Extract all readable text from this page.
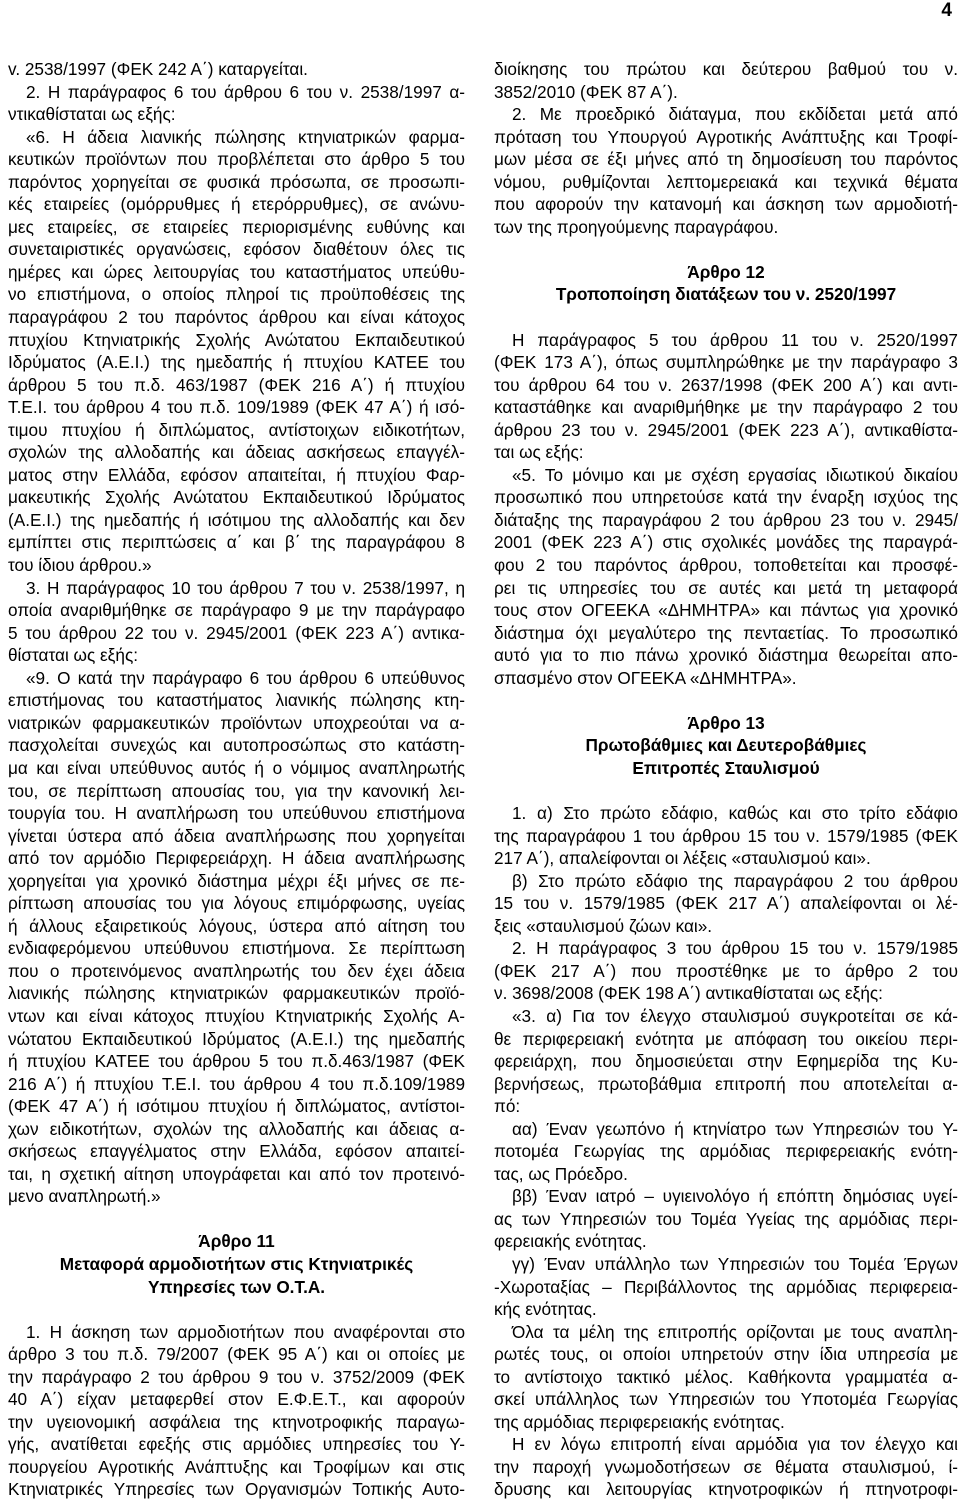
4
v. 2538/1997 (ΦΕΚ 242 Α΄) καταργείται.
2. Η παράγραφος 6 του άρθρου 6 του ν. 2538/1997 α-
ντικαθίσταται ως εξής:
«6. Η άδεια λιανικής πώλησης κτηνιατρικών φαρμα-
κευτικών προϊόντων που προβλέπεται στο άρθρο 5 του
παρόντος χορηγείται σε φυσικά πρόσωπα, σε προσωπι-
κές εταιρείες (ομόρρυθμες ή ετερόρρυθμες), σε ανώνυ-
μες εταιρείες, σε εταιρείες περιορισμένης ευθύνης και
συνεταιριστικές οργανώσεις, εφόσον διαθέτουν όλες τις
ημέρες και ώρες λειτουργίας του καταστήματος υπεύθυ-
νο επιστήμονα, ο οποίος πληροί τις προϋποθέσεις της
παραγράφου 2 του παρόντος άρθρου και είναι κάτοχος
πτυχίου Κτηνιατρικής Σχολής Ανώτατου Εκπαιδευτικού
Ιδρύματος (Α.Ε.Ι.) της ημεδαπής ή πτυχίου ΚΑΤΕΕ του
άρθρου 5 του π.δ. 463/1987 (ΦΕΚ 216 Α΄) ή πτυχίου
Τ.Ε.Ι. του άρθρου 4 του π.δ. 109/1989 (ΦΕΚ 47 Α΄) ή ισό-
τιμου πτυχίου ή διπλώματος, αντίστοιχων ειδικοτήτων,
σχολών της αλλοδαπής και άδειας ασκήσεως επαγγέλ-
ματος στην Ελλάδα, εφόσον απαιτείται, ή πτυχίου Φαρ-
μακευτικής Σχολής Ανώτατου Εκπαιδευτικού Ιδρύματος
(Α.Ε.Ι.) της ημεδαπής ή ισότιμου της αλλοδαπής και δεν
εμπίπτει στις περιπτώσεις α΄ και β΄ της παραγράφου 8
του ίδιου άρθρου.»
3. Η παράγραφος 10 του άρθρου 7 του ν. 2538/1997, η
οποία αναριθμήθηκε σε παράγραφο 9 με την παράγραφο
5 του άρθρου 22 του ν. 2945/2001 (ΦΕΚ 223 Α΄) αντικα-
θίσταται ως εξής:
«9. Ο κατά την παράγραφο 6 του άρθρου 6 υπεύθυνος
επιστήμονας του καταστήματος λιανικής πώλησης κτη-
νιατρικών φαρμακευτικών προϊόντων υποχρεούται να α-
πασχολείται συνεχώς και αυτοπροσώπως στο κατάστη-
μα και είναι υπεύθυνος αυτός ή ο νόμιμος αναπληρωτής
του, σε περίπτωση απουσίας του, για την κανονική λει-
τουργία του. Η αναπλήρωση του υπεύθυνου επιστήμονα
γίνεται ύστερα από άδεια αναπλήρωσης που χορηγείται
από τον αρμόδιο Περιφερειάρχη. Η άδεια αναπλήρωσης
χορηγείται για χρονικό διάστημα μέχρι έξι μήνες σε πε-
ρίπτωση απουσίας του για λόγους επιμόρφωσης, υγείας
ή άλλους εξαιρετικούς λόγους, ύστερα από αίτηση του
ενδιαφερόμενου υπεύθυνου επιστήμονα. Σε περίπτωση
που ο προτεινόμενος αναπληρωτής του δεν έχει άδεια
λιανικής πώλησης κτηνιατρικών φαρμακευτικών προϊό-
ντων και είναι κάτοχος πτυχίου Κτηνιατρικής Σχολής Α-
νώτατου Εκπαιδευτικού Ιδρύματος (Α.Ε.Ι.) της ημεδαπής
ή πτυχίου ΚΑΤΕΕ του άρθρου 5 του π.δ.463/1987 (ΦΕΚ
216 Α΄) ή πτυχίου Τ.Ε.Ι. του άρθρου 4 του π.δ.109/1989
(ΦΕΚ 47 Α΄) ή ισότιμου πτυχίου ή διπλώματος, αντίστοι-
χων ειδικοτήτων, σχολών της αλλοδαπής και άδειας α-
σκήσεως επαγγέλματος στην Ελλάδα, εφόσον απαιτεί-
ται, η σχετική αίτηση υπογράφεται και από τον προτεινό-
μενο αναπληρωτή.»
Άρθρο 11
Μεταφορά αρμοδιοτήτων στις Κτηνιατρικές
Υπηρεσίες των Ο.Τ.Α.
1. Η άσκηση των αρμοδιοτήτων που αναφέρονται στο
άρθρο 3 του π.δ. 79/2007 (ΦΕΚ 95 Α΄) και οι οποίες με
την παράγραφο 2 του άρθρου 9 του ν. 3752/2009 (ΦΕΚ
40 Α΄) είχαν μεταφερθεί στον Ε.Φ.Ε.Τ., και αφορούν
την υγειονομική ασφάλεια της κτηνοτροφικής παραγω-
γής, ανατίθεται εφεξής στις αρμόδιες υπηρεσίες του Υ-
πουργείου Αγροτικής Ανάπτυξης και Τροφίμων και στις
Κτηνιατρικές Υπηρεσίες των Οργανισμών Τοπικής Αυτο-
διοίκησης του πρώτου και δεύτερου βαθμού του ν.
3852/2010 (ΦΕΚ 87 Α΄).
2. Με προεδρικό διάταγμα, που εκδίδεται μετά από
πρόταση του Υπουργού Αγροτικής Ανάπτυξης και Τροφί-
μων μέσα σε έξι μήνες από τη δημοσίευση του παρόντος
νόμου, ρυθμίζονται λεπτομερειακά και τεχνικά θέματα
που αφορούν την κατανομή και άσκηση των αρμοδιοτή-
των της προηγούμενης παραγράφου.
Άρθρο 12
Τροποποίηση διατάξεων του ν. 2520/1997
Η παράγραφος 5 του άρθρου 11 του ν. 2520/1997
(ΦΕΚ 173 Α΄), όπως συμπληρώθηκε με την παράγραφο 3
του άρθρου 64 του ν. 2637/1998 (ΦΕΚ 200 Α΄) και αντι-
καταστάθηκε και αναριθμήθηκε με την παράγραφο 2 του
άρθρου 23 του ν. 2945/2001 (ΦΕΚ 223 Α΄), αντικαθίστα-
ται ως εξής:
«5. Το μόνιμο και με σχέση εργασίας ιδιωτικού δικαίου
προσωπικό που υπηρετούσε κατά την έναρξη ισχύος της
διάταξης της παραγράφου 2 του άρθρου 23 του ν. 2945/
2001 (ΦΕΚ 223 Α΄) στις σχολικές μονάδες της παραγρά-
φου 2 του παρόντος άρθρου, τοποθετείται και προσφέ-
ρει τις υπηρεσίες του σε αυτές και μετά τη μεταφορά
τους στον ΟΓΕΕΚΑ «ΔΗΜΗΤΡΑ» και πάντως για χρονικό
διάστημα όχι μεγαλύτερο της πενταετίας. Το προσωπικό
αυτό για το πιο πάνω χρονικό διάστημα θεωρείται απο-
σπασμένο στον ΟΓΕΕΚΑ «ΔΗΜΗΤΡΑ».
Άρθρο 13
Πρωτοβάθμιες και Δευτεροβάθμιες
Επιτροπές Σταυλισμού
1. α) Στο πρώτο εδάφιο, καθώς και στο τρίτο εδάφιο
της παραγράφου 1 του άρθρου 15 του ν. 1579/1985 (ΦΕΚ
217 Α΄), απαλείφονται οι λέξεις «σταυλισμού και».
β) Στο πρώτο εδάφιο της παραγράφου 2 του άρθρου
15 του ν. 1579/1985 (ΦΕΚ 217 Α΄) απαλείφονται οι λέ-
ξεις «σταυλισμού ζώων και».
2. Η παράγραφος 3 του άρθρου 15 του ν. 1579/1985
(ΦΕΚ 217 Α΄) που προστέθηκε με το άρθρο 2 του
ν. 3698/2008 (ΦΕΚ 198 Α΄) αντικαθίσταται ως εξής:
«3. α) Για τον έλεγχο σταυλισμού συγκροτείται σε κά-
θε περιφερειακή ενότητα με απόφαση του οικείου περι-
φερειάρχη, που δημοσιεύεται στην Εφημερίδα της Κυ-
βερνήσεως, πρωτοβάθμια επιτροπή που αποτελείται α-
πό:
αα) Έναν γεωπόνο ή κτηνίατρο των Υπηρεσιών του Υ-
ποτομέα Γεωργίας της αρμόδιας περιφερειακής ενότη-
τας, ως Πρόεδρο.
ββ) Έναν ιατρό – υγιεινολόγο ή επόπτη δημόσιας υγεί-
ας των Υπηρεσιών του Τομέα Υγείας της αρμόδιας περι-
φερειακής ενότητας.
γγ) Έναν υπάλληλο των Υπηρεσιών του Τομέα Έργων
-Χωροταξίας – Περιβάλλοντος της αρμόδιας περιφερεια-
κής ενότητας.
Όλα τα μέλη της επιτροπής ορίζονται με τους αναπλη-
ρωτές τους, οι οποίοι υπηρετούν στην ίδια υπηρεσία με
το αντίστοιχο τακτικό μέλος. Καθήκοντα γραμματέα α-
σκεί υπάλληλος των Υπηρεσιών του Υποτομέα Γεωργίας
της αρμόδιας περιφερειακής ενότητας.
Η εν λόγω επιτροπή είναι αρμόδια για τον έλεγχο και
την παροχή γνωμοδοτήσεων σε θέματα σταυλισμού, ί-
δρυσης και λειτουργίας κτηνοτροφικών ή πτηνοτροφι-
